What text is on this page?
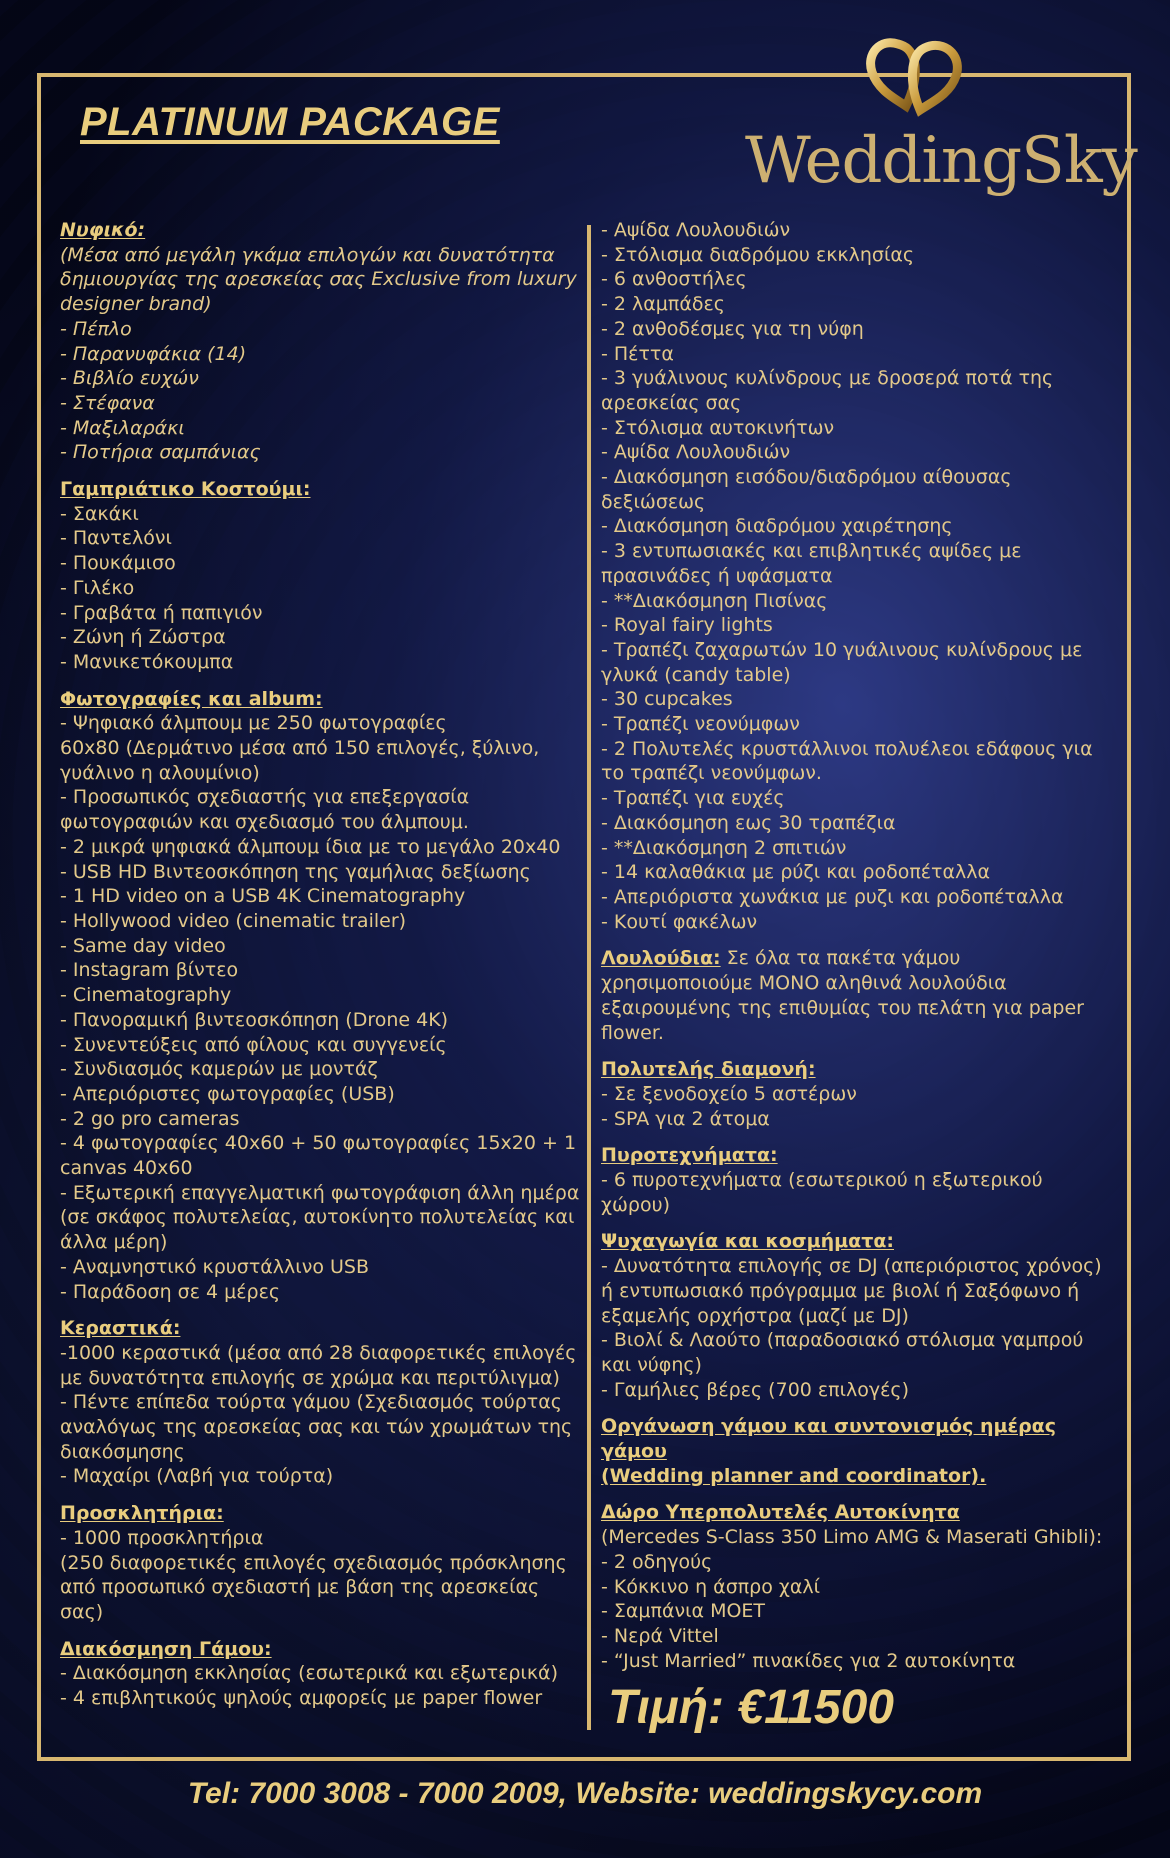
PLATINUM PACKAGE
WeddingSky
Νυφικό:
(Μέσα από μεγάλη γκάμα επιλογών και δυνατότητα
δημιουργίας της αρεσκείας σας Exclusive from luxury
designer brand)
- Πέπλο
- Παρανυφάκια (14)
- Βιβλίο ευχών
- Στέφανα
- Μαξιλαράκι
- Ποτήρια σαμπάνιας
Γαμπριάτικο Κοστούμι:
- Σακάκι
- Παντελόνι
- Πουκάμισο
- Γιλέκο
- Γραβάτα ή παπιγιόν
- Ζώνη ή Ζώστρα
- Μανικετόκουμπα
Φωτογραφίες και album:
- Ψηφιακό άλμπουμ με 250 φωτογραφίες
60x80 (Δερμάτινο μέσα από 150 επιλογές, ξύλινο,
γυάλινο η αλουμίνιο)
- Προσωπικός σχεδιαστής για επεξεργασία
φωτογραφιών και σχεδιασμό του άλμπουμ.
- 2 μικρά ψηφιακά άλμπουμ ίδια με το μεγάλο 20x40
- USB HD Βιντεοσκόπηση της γαμήλιας δεξίωσης
- 1 HD video on a USB 4K Cinematography
- Hollywood video (cinematic trailer)
- Same day video
- Instagram βίντεο
- Cinematography
- Πανοραμική βιντεοσκόπηση (Drone 4K)
- Συνεντεύξεις από φίλους και συγγενείς
- Συνδιασμός καμερών με μοντάζ
- Απεριόριστες φωτογραφίες (USB)
- 2 go pro cameras
- 4 φωτογραφίες 40x60 + 50 φωτογραφίες 15x20 + 1
canvas 40x60
- Εξωτερική επαγγελματική φωτογράφιση άλλη ημέρα
(σε σκάφος πολυτελείας, αυτοκίνητο πολυτελείας και
άλλα μέρη)
- Αναμνηστικό κρυστάλλινο USB
- Παράδοση σε 4 μέρες
Κεραστικά:
-1000 κεραστικά (μέσα από 28 διαφορετικές επιλογές
με δυνατότητα επιλογής σε χρώμα και περιτύλιγμα)
- Πέντε επίπεδα τούρτα γάμου (Σχεδιασμός τούρτας
αναλόγως της αρεσκείας σας και τών χρωμάτων της
διακόσμησης
- Μαχαίρι (Λαβή για τούρτα)
Προσκλητήρια:
- 1000 προσκλητήρια
(250 διαφορετικές επιλογές σχεδιασμός πρόσκλησης
από προσωπικό σχεδιαστή με βάση της αρεσκείας
σας)
Διακόσμηση Γάμου:
- Διακόσμηση εκκλησίας (εσωτερικά και εξωτερικά)
- 4 επιβλητικούς ψηλούς αμφορείς με paper flower
- Αψίδα Λουλουδιών
- Στόλισμα διαδρόμου εκκλησίας
- 6 ανθοστήλες
- 2 λαμπάδες
- 2 ανθοδέσμες για τη νύφη
- Πέττα
- 3 γυάλινους κυλίνδρους με δροσερά ποτά της
αρεσκείας σας
- Στόλισμα αυτοκινήτων
- Αψίδα Λουλουδιών
- Διακόσμηση εισόδου/διαδρόμου αίθουσας
δεξιώσεως
- Διακόσμηση διαδρόμου χαιρέτησης
- 3 εντυπωσιακές και επιβλητικές αψίδες με
πρασινάδες ή υφάσματα
- **Διακόσμηση Πισίνας
- Royal fairy lights
- Τραπέζι ζαχαρωτών 10 γυάλινους κυλίνδρους με
γλυκά (candy table)
- 30 cupcakes
- Τραπέζι νεονύμφων
- 2 Πολυτελές κρυστάλλινοι πολυέλεοι εδάφους για
το τραπέζι νεονύμφων.
- Τραπέζι για ευχές
- Διακόσμηση εως 30 τραπέζια
- **Διακόσμηση 2 σπιτιών
- 14 καλαθάκια με ρύζι και ροδοπέταλλα
- Απεριόριστα χωνάκια με ρυζι και ροδοπέταλλα
- Κουτί φακέλων
Λουλούδια: Σε όλα τα πακέτα γάμου
χρησιμοποιούμε ΜΟΝΟ αληθινά λουλούδια
εξαιρουμένης της επιθυμίας του πελάτη για paper
flower.
Πολυτελής διαμονή:
- Σε ξενοδοχείο 5 αστέρων
- SPA για 2 άτομα
Πυροτεχνήματα:
- 6 πυροτεχνήματα (εσωτερικού η εξωτερικού
χώρου)
Ψυχαγωγία και κοσμήματα:
- Δυνατότητα επιλογής σε DJ (απεριόριστος χρόνος)
ή εντυπωσιακό πρόγραμμα με βιολί ή Σαξόφωνο ή
εξαμελής ορχήστρα (μαζί με DJ)
- Βιολί & Λαούτο (παραδοσιακό στόλισμα γαμπρού
και νύφης)
- Γαμήλιες βέρες (700 επιλογές)
Οργάνωση γάμου και συντονισμός ημέρας γάμου
(Wedding planner and coordinator).
Δώρο Υπερπολυτελές Αυτοκίνητα
(Mercedes S-Class 350 Limo AMG & Maserati Ghibli):
- 2 οδηγούς
- Κόκκινο η άσπρο χαλί
- Σαμπάνια MOET
- Νερά Vittel
- “Just Married” πινακίδες για 2 αυτοκίνητα
Τιμή: €11500
Tel: 7000 3008 - 7000 2009, Website: weddingskycy.com
